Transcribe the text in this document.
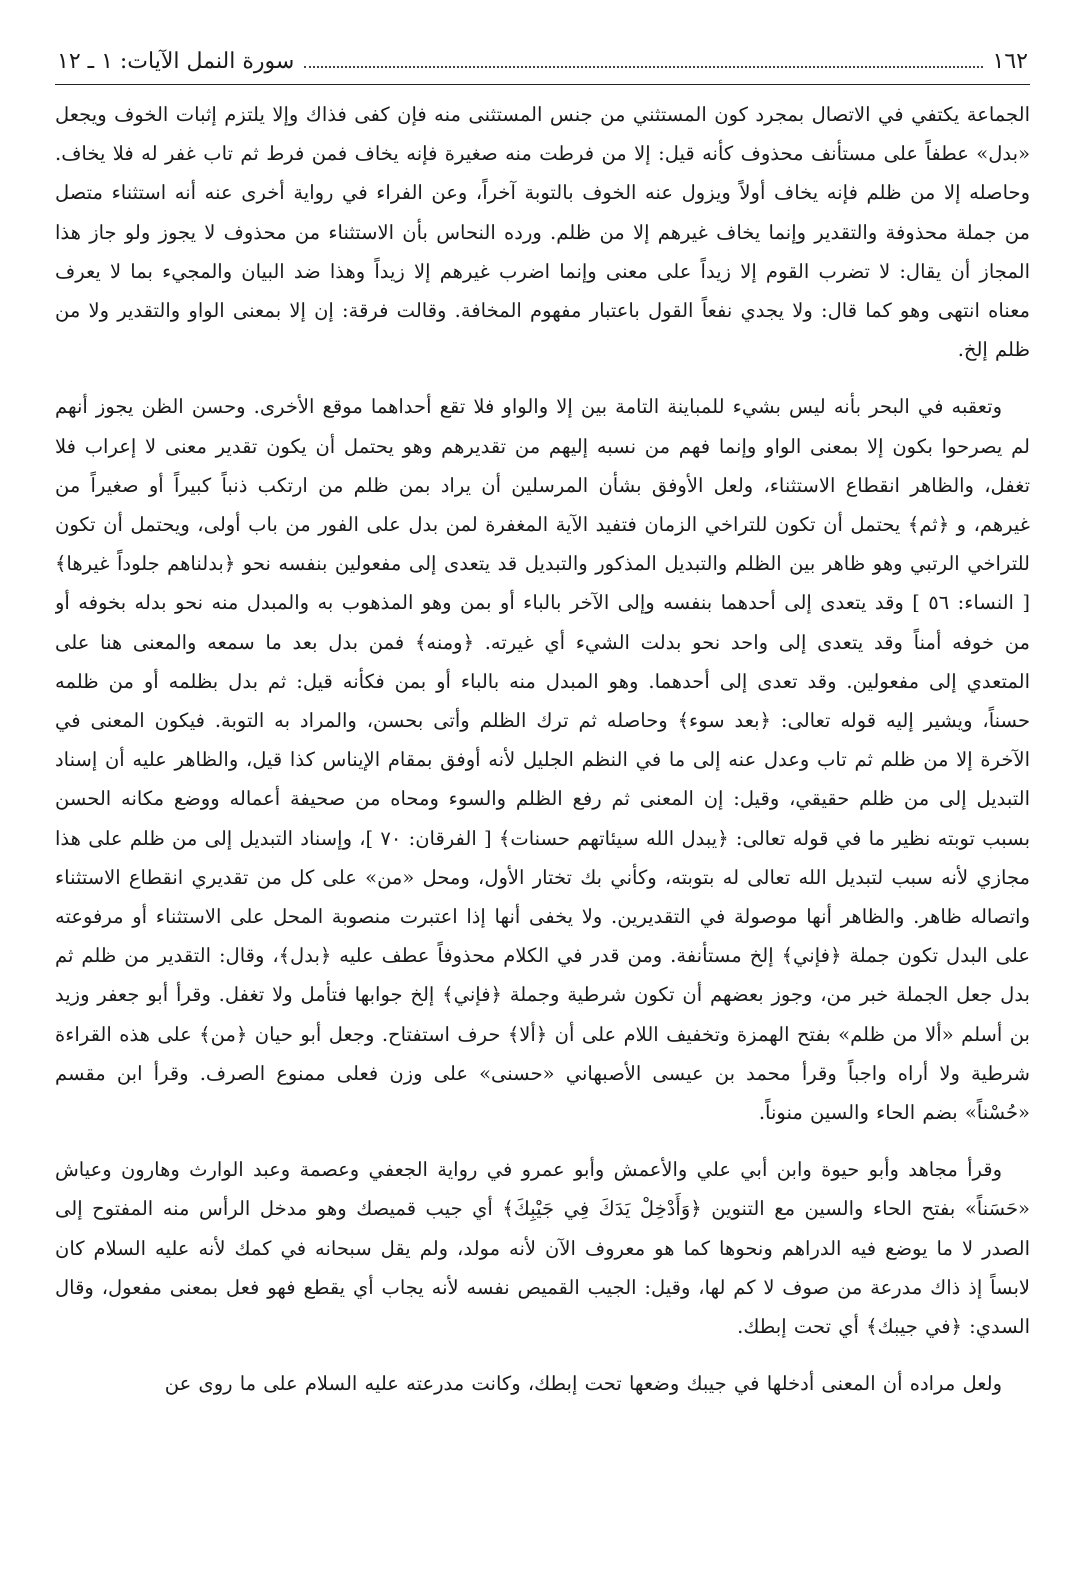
١٦٢
سورة النمل الآيات: ١ ـ ١٢

الجماعة يكتفي في الاتصال بمجرد كون المستثني من جنس المستثنى منه فإن كفى فذاك وإلا يلتزم إثبات الخوف ويجعل «بدل» عطفاً على مستأنف محذوف كأنه قيل: إلا من فرطت منه صغيرة فإنه يخاف فمن فرط ثم تاب غفر له فلا يخاف. وحاصله إلا من ظلم فإنه يخاف أولاً ويزول عنه الخوف بالتوبة آخراً، وعن الفراء في رواية أخرى عنه أنه استثناء متصل من جملة محذوفة والتقدير وإنما يخاف غيرهم إلا من ظلم. ورده النحاس بأن الاستثناء من محذوف لا يجوز ولو جاز هذا المجاز أن يقال: لا تضرب القوم إلا زيداً على معنى وإنما اضرب غيرهم إلا زيداً وهذا ضد البيان والمجيء بما لا يعرف معناه انتهى وهو كما قال: ولا يجدي نفعاً القول باعتبار مفهوم المخافة. وقالت فرقة: إن إلا بمعنى الواو والتقدير ولا من ظلم إلخ.

وتعقبه في البحر بأنه ليس بشيء للمباينة التامة بين إلا والواو فلا تقع أحداهما موقع الأخرى. وحسن الظن يجوز أنهم لم يصرحوا بكون إلا بمعنى الواو وإنما فهم من نسبه إليهم من تقديرهم وهو يحتمل أن يكون تقدير معنى لا إعراب فلا تغفل، والظاهر انقطاع الاستثناء، ولعل الأوفق بشأن المرسلين أن يراد بمن ظلم من ارتكب ذنباً كبيراً أو صغيراً من غيرهم، و ﴿ثم﴾ يحتمل أن تكون للتراخي الزمان فتفيد الآية المغفرة لمن بدل على الفور من باب أولى، ويحتمل أن تكون للتراخي الرتبي وهو ظاهر بين الظلم والتبديل المذكور والتبديل قد يتعدى إلى مفعولين بنفسه نحو ﴿بدلناهم جلوداً غيرها﴾ [ النساء: ٥٦ ] وقد يتعدى إلى أحدهما بنفسه وإلى الآخر بالباء أو بمن وهو المذهوب به والمبدل منه نحو بدله بخوفه أو من خوفه أمناً وقد يتعدى إلى واحد نحو بدلت الشيء أي غيرته. ﴿ومنه﴾ فمن بدل بعد ما سمعه والمعنى هنا على المتعدي إلى مفعولين. وقد تعدى إلى أحدهما. وهو المبدل منه بالباء أو بمن فكأنه قيل: ثم بدل بظلمه أو من ظلمه حسناً، ويشير إليه قوله تعالى: ﴿بعد سوء﴾ وحاصله ثم ترك الظلم وأتى بحسن، والمراد به التوبة. فيكون المعنى في الآخرة إلا من ظلم ثم تاب وعدل عنه إلى ما في النظم الجليل لأنه أوفق بمقام الإيناس كذا قيل، والظاهر عليه أن إسناد التبديل إلى من ظلم حقيقي، وقيل: إن المعنى ثم رفع الظلم والسوء ومحاه من صحيفة أعماله ووضع مكانه الحسن بسبب توبته نظير ما في قوله تعالى: ﴿يبدل الله سيئاتهم حسنات﴾ [ الفرقان: ٧٠ ]، وإسناد التبديل إلى من ظلم على هذا مجازي لأنه سبب لتبديل الله تعالى له بتوبته، وكأني بك تختار الأول، ومحل «من» على كل من تقديري انقطاع الاستثناء واتصاله ظاهر. والظاهر أنها موصولة في التقديرين. ولا يخفى أنها إذا اعتبرت منصوبة المحل على الاستثناء أو مرفوعته على البدل تكون جملة ﴿فإني﴾ إلخ مستأنفة. ومن قدر في الكلام محذوفاً عطف عليه ﴿بدل﴾، وقال: التقدير من ظلم ثم بدل جعل الجملة خبر من، وجوز بعضهم أن تكون شرطية وجملة ﴿فإني﴾ إلخ جوابها فتأمل ولا تغفل. وقرأ أبو جعفر وزيد بن أسلم «ألا من ظلم» بفتح الهمزة وتخفيف اللام على أن ﴿ألا﴾ حرف استفتاح. وجعل أبو حيان ﴿من﴾ على هذه القراءة شرطية ولا أراه واجباً وقرأ محمد بن عيسى الأصبهاني «حسنى» على وزن فعلى ممنوع الصرف. وقرأ ابن مقسم «حُسْناً» بضم الحاء والسين منوناً.

وقرأ مجاهد وأبو حيوة وابن أبي علي والأعمش وأبو عمرو في رواية الجعفي وعصمة وعبد الوارث وهارون وعياش «حَسَناً» بفتح الحاء والسين مع التنوين ﴿وَأَدْخِلْ يَدَكَ فِي جَيْبِكَ﴾ أي جيب قميصك وهو مدخل الرأس منه المفتوح إلى الصدر لا ما يوضع فيه الدراهم ونحوها كما هو معروف الآن لأنه مولد، ولم يقل سبحانه في كمك لأنه عليه السلام كان لابساً إذ ذاك مدرعة من صوف لا كم لها، وقيل: الجيب القميص نفسه لأنه يجاب أي يقطع فهو فعل بمعنى مفعول، وقال السدي: ﴿في جيبك﴾ أي تحت إبطك.

ولعل مراده أن المعنى أدخلها في جيبك وضعها تحت إبطك، وكانت مدرعته عليه السلام على ما روى عن
